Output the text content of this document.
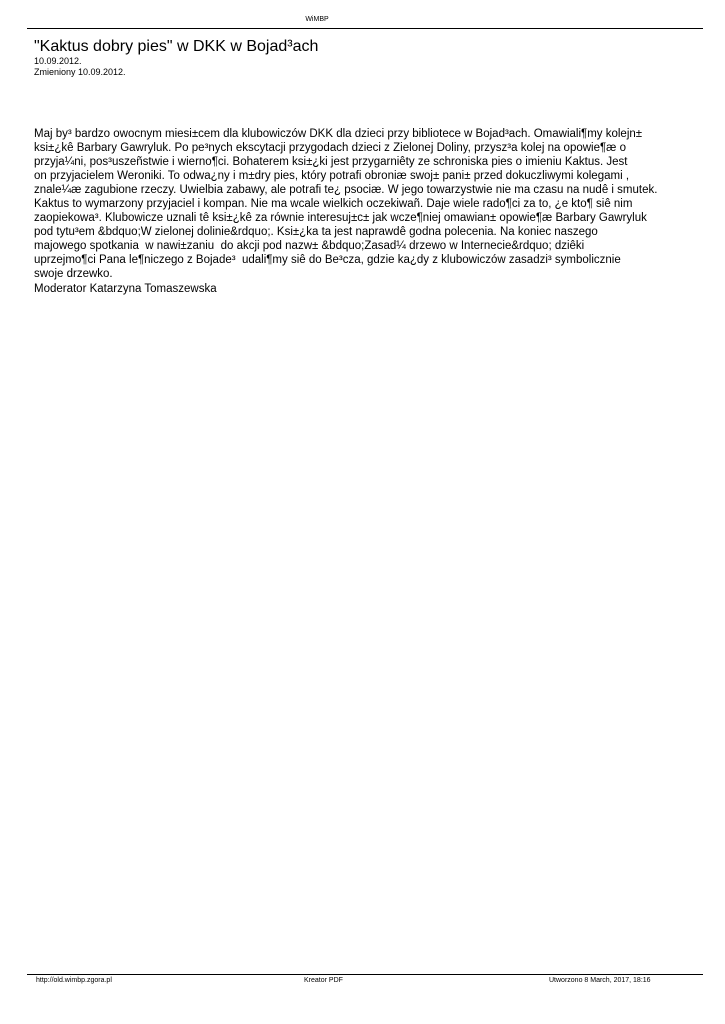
WiMBP
"Kaktus dobry pies" w DKK w Bojad³ach
10.09.2012.
Zmieniony 10.09.2012.
Maj by³ bardzo owocnym miesi±cem dla klubowiczów DKK dla dzieci przy bibliotece w Bojad³ach. Omawiali¶my kolejn±
ksi±¿kê Barbary Gawryluk. Po pe³nych ekscytacji przygodach dzieci z Zielonej Doliny, przysz³a kolej na opowie¶æ o
przyja¼ni, pos³uszeñstwie i wierno¶ci. Bohaterem ksi±¿ki jest przygarniêty ze schroniska pies o imieniu Kaktus. Jest
on przyjacielem Weroniki. To odwa¿ny i m±dry pies, który potrafi obroniæ swoj± pani± przed dokuczliwymi kolegami ,
znale¼æ zagubione rzeczy. Uwielbia zabawy, ale potrafi te¿ psociæ. W jego towarzystwie nie ma czasu na nudê i smutek.
Kaktus to wymarzony przyjaciel i kompan. Nie ma wcale wielkich oczekiwañ. Daje wiele rado¶ci za to, ¿e kto¶ siê nim
zaopiekowa³. Klubowicze uznali tê ksi±¿kê za równie interesuj±c± jak wcze¶niej omawian± opowie¶æ Barbary Gawryluk
pod tytu³em &bdquo;W zielonej dolinie&rdquo;. Ksi±¿ka ta jest naprawdê godna polecenia. Na koniec naszego
majowego spotkania  w nawi±zaniu  do akcji pod nazw± &bdquo;Zasad¼ drzewo w Internecie&rdquo; dziêki
uprzejmo¶ci Pana le¶niczego z Bojade³  udali¶my siê do Be³cza, gdzie ka¿dy z klubowiczów zasadzi³ symbolicznie
swoje drzewko.
Moderator Katarzyna Tomaszewska
http://old.wimbp.zgora.pl	Kreator PDF	Utworzono 8 March, 2017, 18:16
